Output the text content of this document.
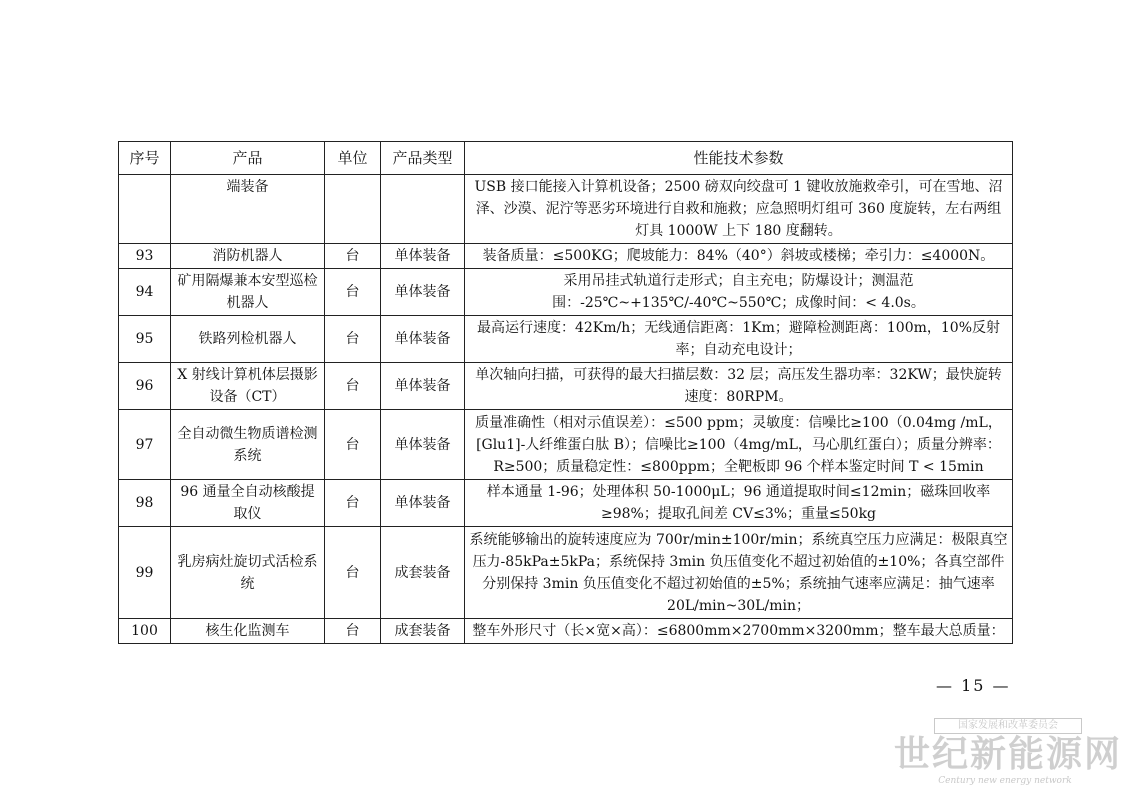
序号	产品	单位	产品类型	性能技术参数
	端装备			USB 接口能接入计算机设备；2500 磅双向绞盘可 1 键收放施救牵引，可在雪地、沼泽、沙漠、泥泞等恶劣环境进行自救和施救；应急照明灯组可 360 度旋转，左右两组灯具 1000W 上下 180 度翻转。
93	消防机器人	台	单体装备	装备质量：≤500KG；爬坡能力：84%（40°）斜坡或楼梯；牵引力：≤4000N。
94	矿用隔爆兼本安型巡检机器人	台	单体装备	采用吊挂式轨道行走形式；自主充电；防爆设计；测温范围：-25℃~+135℃/-40℃~550℃；成像时间：< 4.0s。
95	铁路列检机器人	台	单体装备	最高运行速度：42Km/h；无线通信距离：1Km；避障检测距离：100m，10%反射率；自动充电设计；
96	X 射线计算机体层摄影设备（CT）	台	单体装备	单次轴向扫描，可获得的最大扫描层数：32 层；高压发生器功率：32KW；最快旋转速度：80RPM。
97	全自动微生物质谱检测系统	台	单体装备	质量准确性（相对示值误差）：≤500 ppm；灵敏度：信噪比≥100（0.04mg /mL，[Glu1]-人纤维蛋白肽 B）；信噪比≥100（4mg/mL，马心肌红蛋白）；质量分辨率：R≥500；质量稳定性：≤800ppm；全靶板即 96 个样本鉴定时间 T < 15min
98	96 通量全自动核酸提取仪	台	单体装备	样本通量 1-96；处理体积 50-1000μL；96 通道提取时间≤12min；磁珠回收率≥98%；提取孔间差 CV≤3%；重量≤50kg
99	乳房病灶旋切式活检系统	台	成套装备	系统能够输出的旋转速度应为 700r/min±100r/min；系统真空压力应满足：极限真空压力-85kPa±5kPa；系统保持 3min 负压值变化不超过初始值的±10%；各真空部件分别保持 3min 负压值变化不超过初始值的±5%；系统抽气速率应满足：抽气速率 20L/min~30L/min；
100	核生化监测车	台	成套装备	整车外形尺寸（长×宽×高）：≤6800mm×2700mm×3200mm；整车最大总质量：
— 15 —
国家发展和改革委员会
世纪新能源网
Century new energy network
